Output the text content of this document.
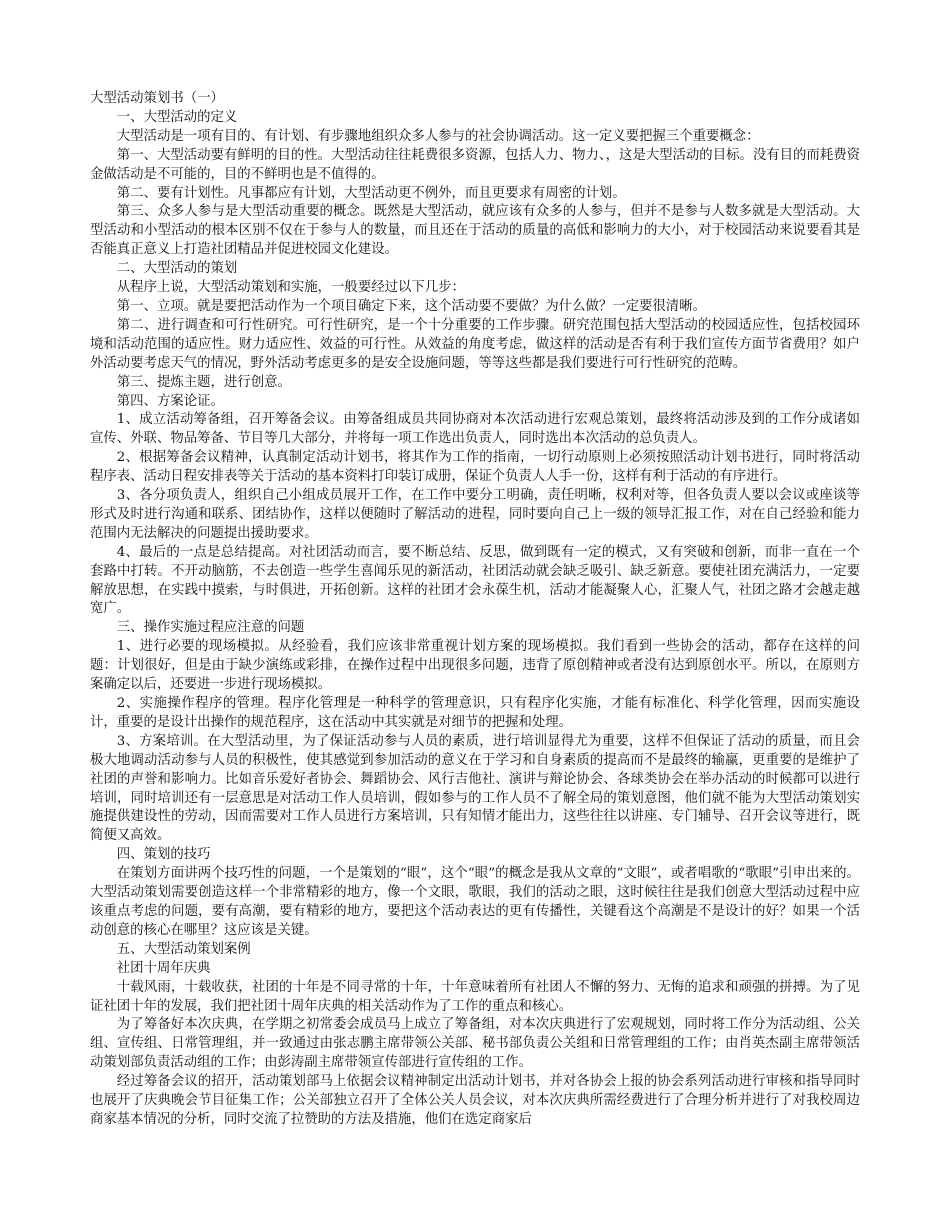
大型活动策划书（一）
一、大型活动的定义
大型活动是一项有目的、有计划、有步骤地组织众多人参与的社会协调活动。这一定义要把握三个重要概念：
第一、大型活动要有鲜明的目的性。大型活动往往耗费很多资源，包括人力、物力、，这是大型活动的目标。没有目的而耗费资金做活动是不可能的，目的不鲜明也是不值得的。
第二、要有计划性。凡事都应有计划，大型活动更不例外，而且更要求有周密的计划。
第三、众多人参与是大型活动重要的概念。既然是大型活动，就应该有众多的人参与，但并不是参与人数多就是大型活动。大型活动和小型活动的根本区别不仅在于参与人的数量，而且还在于活动的质量的高低和影响力的大小，对于校园活动来说要看其是否能真正意义上打造社团精品并促进校园文化建设。
二、大型活动的策划
从程序上说，大型活动策划和实施，一般要经过以下几步：
第一、立项。就是要把活动作为一个项目确定下来，这个活动要不要做？为什么做？一定要很清晰。
第二、进行调查和可行性研究。可行性研究，是一个十分重要的工作步骤。研究范围包括大型活动的校园适应性，包括校园环境和活动范围的适应性。财力适应性、效益的可行性。从效益的角度考虑，做这样的活动是否有利于我们宣传方面节省费用？如户外活动要考虑天气的情况，野外活动考虑更多的是安全设施问题，等等这些都是我们要进行可行性研究的范畴。
第三、提炼主题，进行创意。
第四、方案论证。
1、成立活动筹备组，召开筹备会议。由筹备组成员共同协商对本次活动进行宏观总策划，最终将活动涉及到的工作分成诸如宣传、外联、物品筹备、节目等几大部分，并将每一项工作选出负责人，同时选出本次活动的总负责人。
2、根据筹备会议精神，认真制定活动计划书，将其作为工作的指南，一切行动原则上必须按照活动计划书进行，同时将活动程序表、活动日程安排表等关于活动的基本资料打印装订成册，保证个负责人人手一份，这样有利于活动的有序进行。
3、各分项负责人，组织自己小组成员展开工作，在工作中要分工明确，责任明晰，权利对等，但各负责人要以会议或座谈等形式及时进行沟通和联系、团结协作，这样以便随时了解活动的进程，同时要向自己上一级的领导汇报工作，对在自己经验和能力范围内无法解决的问题提出援助要求。
4、最后的一点是总结提高。对社团活动而言，要不断总结、反思，做到既有一定的模式，又有突破和创新，而非一直在一个套路中打转。不开动脑筋，不去创造一些学生喜闻乐见的新活动，社团活动就会缺乏吸引、缺乏新意。要使社团充满活力，一定要解放思想，在实践中摸索，与时俱进，开拓创新。这样的社团才会永葆生机，活动才能凝聚人心，汇聚人气，社团之路才会越走越宽广。
三、操作实施过程应注意的问题
1、进行必要的现场模拟。从经验看，我们应该非常重视计划方案的现场模拟。我们看到一些协会的活动，都存在这样的问题：计划很好，但是由于缺少演练或彩排，在操作过程中出现很多问题，违背了原创精神或者没有达到原创水平。所以，在原则方案确定以后，还要进一步进行现场模拟。
2、实施操作程序的管理。程序化管理是一种科学的管理意识，只有程序化实施，才能有标准化、科学化管理，因而实施设计，重要的是设计出操作的规范程序，这在活动中其实就是对细节的把握和处理。
3、方案培训。在大型活动里，为了保证活动参与人员的素质，进行培训显得尤为重要，这样不但保证了活动的质量，而且会极大地调动活动参与人员的积极性，使其感觉到参加活动的意义在于学习和自身素质的提高而不是最终的输赢，更重要的是维护了社团的声誉和影响力。比如音乐爱好者协会、舞蹈协会、风行吉他社、演讲与辩论协会、各球类协会在举办活动的时候都可以进行培训，同时培训还有一层意思是对活动工作人员培训，假如参与的工作人员不了解全局的策划意图，他们就不能为大型活动策划实施提供建设性的劳动，因而需要对工作人员进行方案培训，只有知情才能出力，这些往往以讲座、专门辅导、召开会议等进行，既简便又高效。
四、策划的技巧
在策划方面讲两个技巧性的问题，一个是策划的“眼”，这个“眼”的概念是我从文章的“文眼”，或者唱歌的“歌眼”引申出来的。大型活动策划需要创造这样一个非常精彩的地方，像一个文眼，歌眼，我们的活动之眼，这时候往往是我们创意大型活动过程中应该重点考虑的问题，要有高潮，要有精彩的地方，要把这个活动表达的更有传播性，关键看这个高潮是不是设计的好？如果一个活动创意的核心在哪里？这应该是关键。
五、大型活动策划案例
社团十周年庆典
十载风雨，十载收获，社团的十年是不同寻常的十年，十年意味着所有社团人不懈的努力、无悔的追求和顽强的拼搏。为了见证社团十年的发展，我们把社团十周年庆典的相关活动作为了工作的重点和核心。
为了筹备好本次庆典，在学期之初常委会成员马上成立了筹备组，对本次庆典进行了宏观规划，同时将工作分为活动组、公关组、宣传组、日常管理组，并一致通过由张志鹏主席带领公关部、秘书部负责公关组和日常管理组的工作；由肖英杰副主席带领活动策划部负责活动组的工作；由彭涛副主席带领宣传部进行宣传组的工作。
经过筹备会议的招开，活动策划部马上依据会议精神制定出活动计划书，并对各协会上报的协会系列活动进行审核和指导同时也展开了庆典晚会节目征集工作；公关部独立召开了全体公关人员会议，对本次庆典所需经费进行了合理分析并进行了对我校周边商家基本情况的分析，同时交流了拉赞助的方法及措施，他们在选定商家后
